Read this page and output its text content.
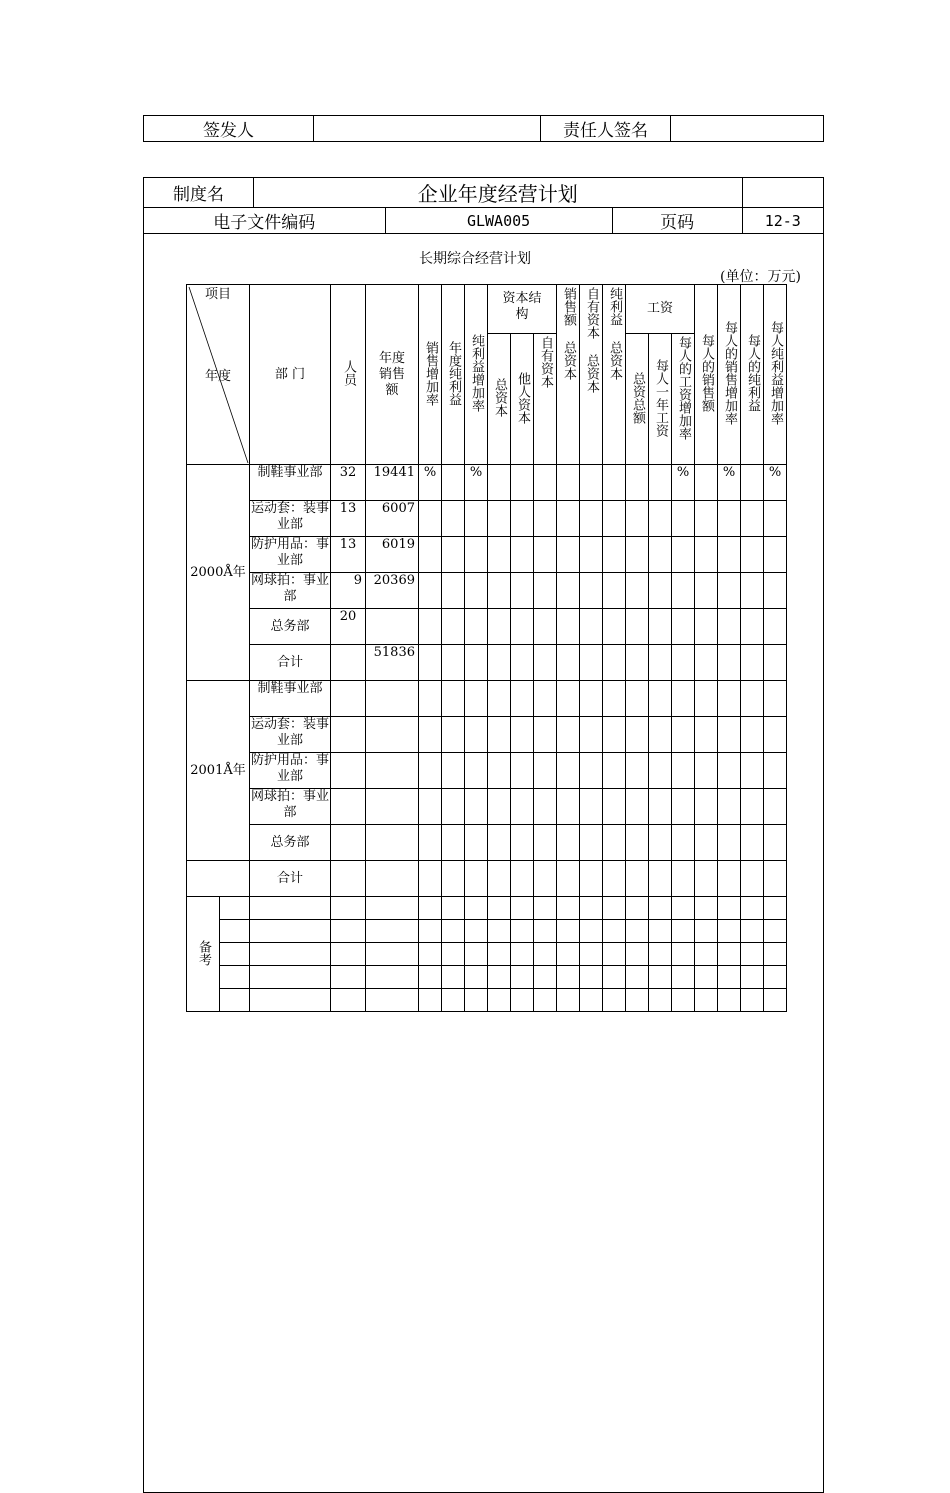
签发人		责任人签名	
制度名	企业年度经营计划			
电子文件编码		GLWA005	页码	12-3
长期综合经营计划
(单位：万元)
项目
年度		部 门	人员	年度销售额	销售增加率	年度纯利益	纯利益增加率	资本结构			销售额 总资本	自有资本 总资本	纯利益 总资本	工资			每人的销售额	每人的销售增加率	每人的纯利益	每人纯利益增加率	
								总资本	他人资本	自有资本				总资总额	每人一年工资	每人的工资增加率					
2000Å年		制鞋事业部	32	19441	%		%									%		%		%	
		运动套：装事业部	13	6007																	
		防护用品：事业部	13	6019																	
		网球拍：事业部	9	20369																	
		总务部	20																		
		合计		51836																	
2001Å年		制鞋事业部																			
		运动套：装事业部																			
		防护用品：事业部																			
		网球拍：事业部																			
		总务部																			
		合计																			
备考																					
